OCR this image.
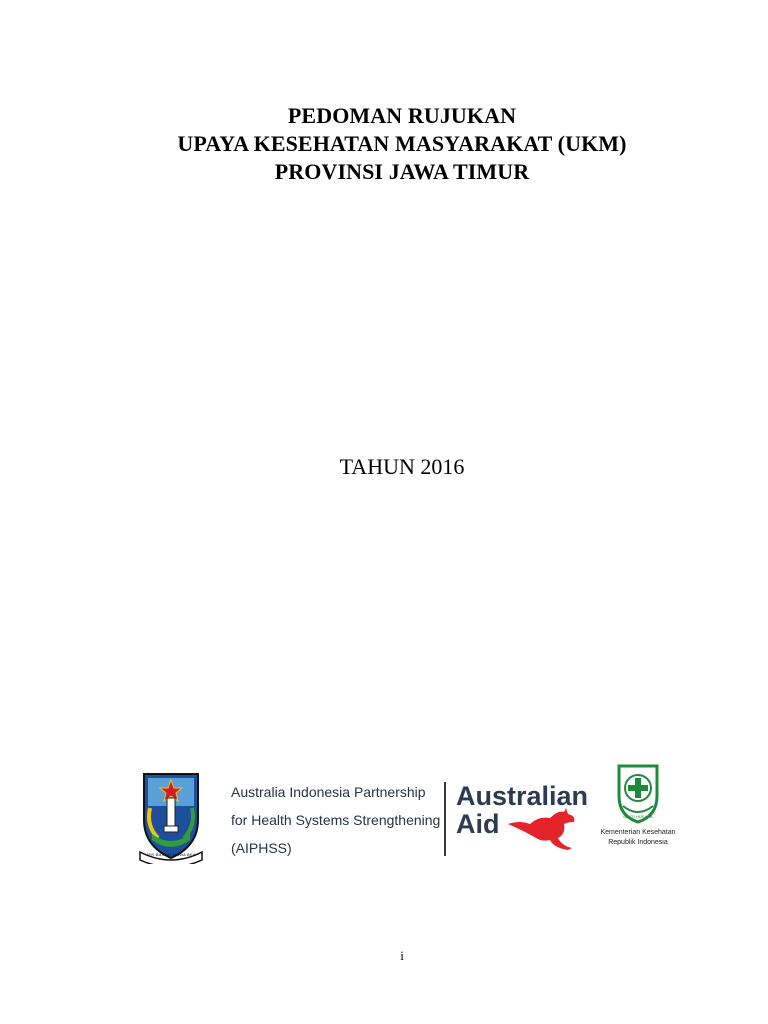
PEDOMAN RUJUKAN
UPAYA KESEHATAN MASYARAKAT (UKM)
PROVINSI JAWA TIMUR
TAHUN 2016
JER BASUKI MAWA BEA
Australia Indonesia Partnership
for Health Systems Strengthening
(AIPHSS)
Australian
Aid	BAKTI HUSADA
Kementerian Kesehatan
Republik Indonesia
i
